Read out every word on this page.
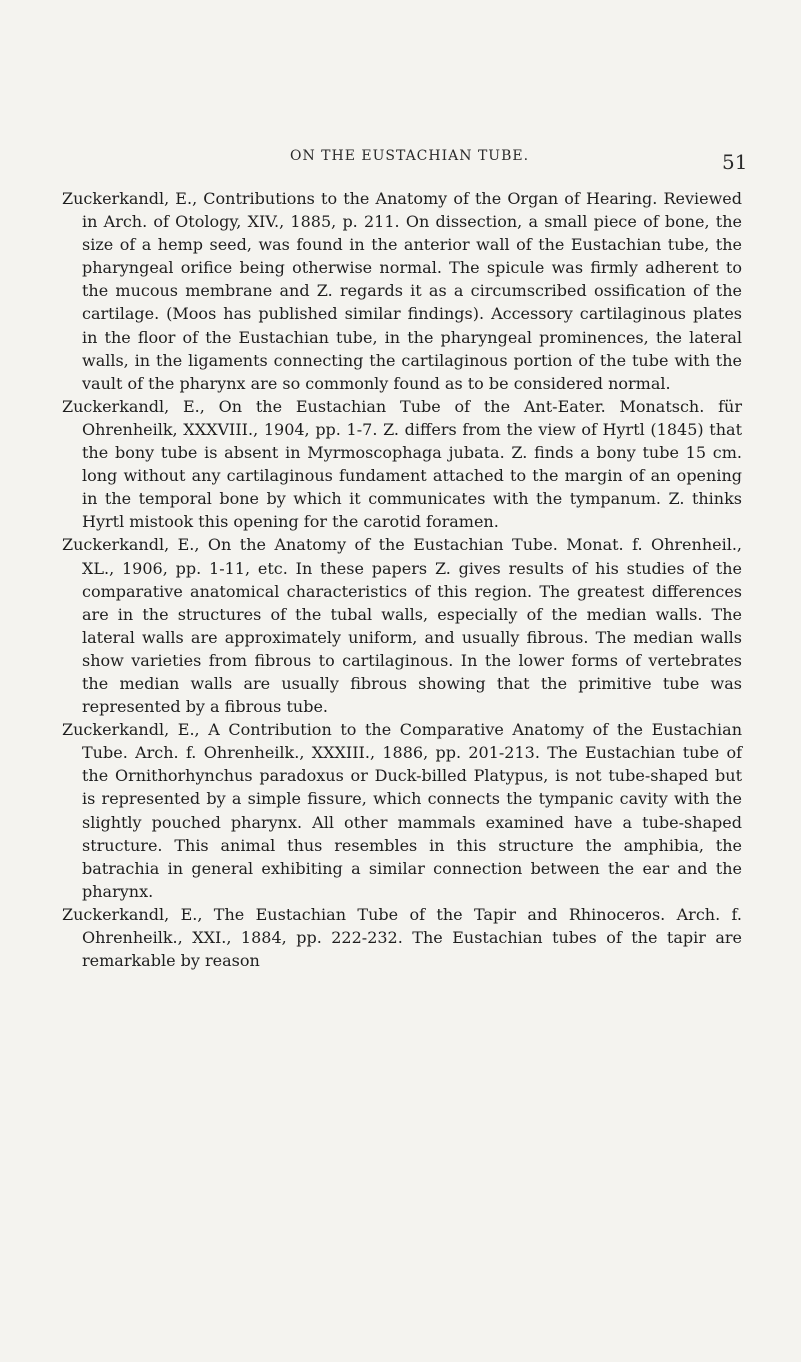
ON THE EUSTACHIAN TUBE.	51

Zuckerkandl, E., Contributions to the Anatomy of the Organ of Hearing. Reviewed in Arch. of Otology, XIV., 1885, p. 211. On dissection, a small piece of bone, the size of a hemp seed, was found in the anterior wall of the Eustachian tube, the pharyngeal orifice being otherwise normal. The spicule was firmly adherent to the mucous membrane and Z. regards it as a circumscribed ossification of the cartilage. (Moos has published similar findings). Accessory cartilaginous plates in the floor of the Eustachian tube, in the pharyngeal prominences, the lateral walls, in the ligaments connecting the cartilaginous portion of the tube with the vault of the pharynx are so commonly found as to be considered normal.

Zuckerkandl, E., On the Eustachian Tube of the Ant-Eater. Monatsch. für Ohrenheilk, XXXVIII., 1904, pp. 1-7. Z. differs from the view of Hyrtl (1845) that the bony tube is absent in Myrmoscophaga jubata. Z. finds a bony tube 15 cm. long without any cartilaginous fundament attached to the margin of an opening in the temporal bone by which it communicates with the tympanum. Z. thinks Hyrtl mistook this opening for the carotid foramen.

Zuckerkandl, E., On the Anatomy of the Eustachian Tube. Monat. f. Ohrenheil., XL., 1906, pp. 1-11, etc. In these papers Z. gives results of his studies of the comparative anatomical characteristics of this region. The greatest differences are in the structures of the tubal walls, especially of the median walls. The lateral walls are approximately uniform, and usually fibrous. The median walls show varieties from fibrous to cartilaginous. In the lower forms of vertebrates the median walls are usually fibrous showing that the primitive tube was represented by a fibrous tube.

Zuckerkandl, E., A Contribution to the Comparative Anatomy of the Eustachian Tube. Arch. f. Ohrenheilk., XXXIII., 1886, pp. 201-213. The Eustachian tube of the Ornithorhynchus paradoxus or Duck-billed Platypus, is not tube-shaped but is represented by a simple fissure, which connects the tympanic cavity with the slightly pouched pharynx. All other mammals examined have a tube-shaped structure. This animal thus resembles in this structure the amphibia, the batrachia in general exhibiting a similar connection between the ear and the pharynx.

Zuckerkandl, E., The Eustachian Tube of the Tapir and Rhinoceros. Arch. f. Ohrenheilk., XXI., 1884, pp. 222-232. The Eustachian tubes of the tapir are remarkable by reason
